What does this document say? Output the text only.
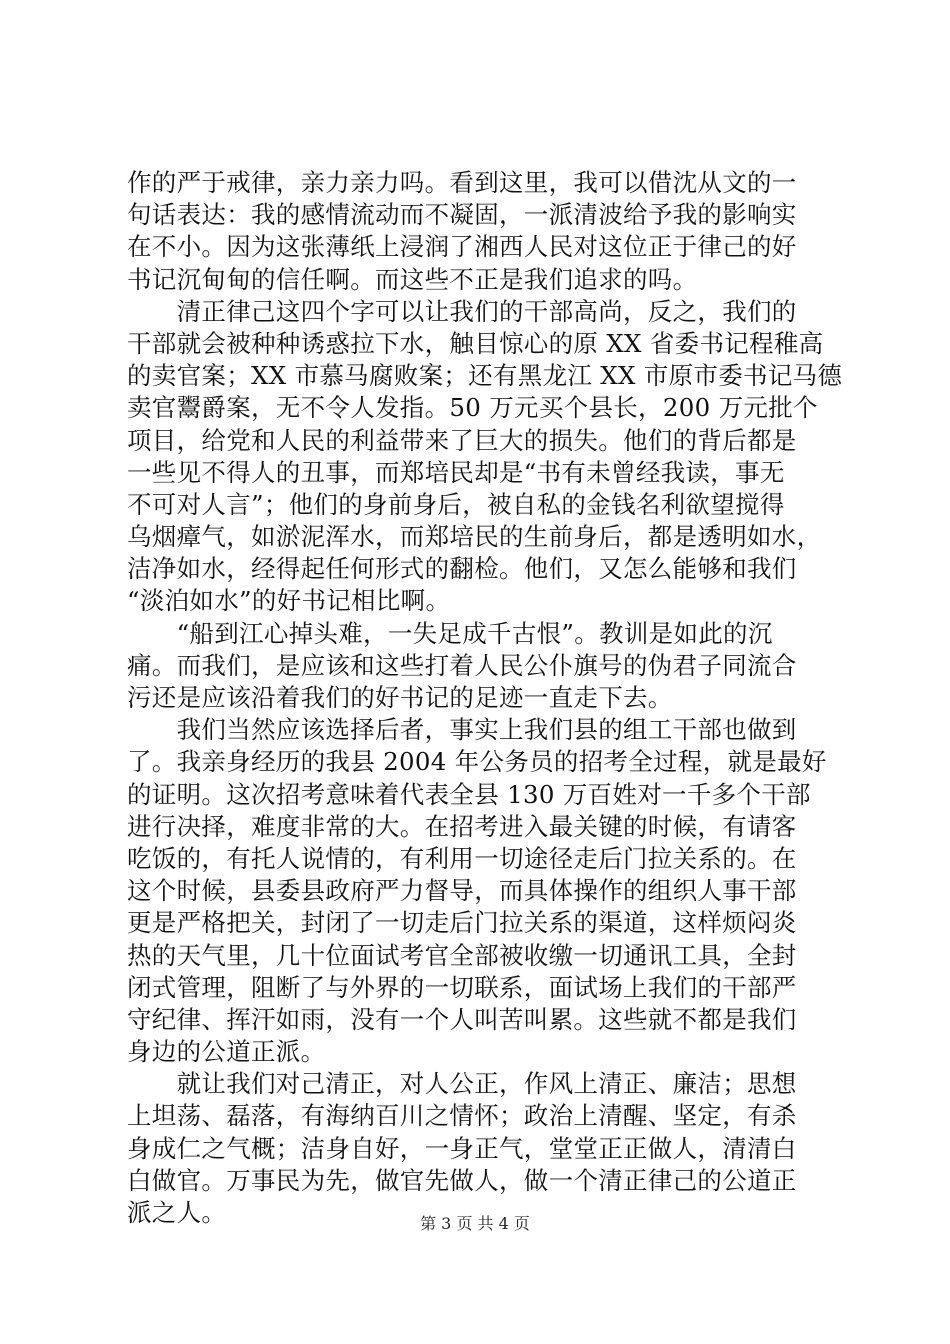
作的严于戒律，亲力亲力吗。看到这里，我可以借沈从文的一
句话表达：我的感情流动而不凝固，一派清波给予我的影响实
在不小。因为这张薄纸上浸润了湘西人民对这位正于律己的好
书记沉甸甸的信任啊。而这些不正是我们追求的吗。
　　清正律己这四个字可以让我们的干部高尚，反之，我们的
干部就会被种种诱惑拉下水，触目惊心的原 XX 省委书记程稚高
的卖官案；XX 市慕马腐败案；还有黑龙江 XX 市原市委书记马德
卖官鬻爵案，无不令人发指。50 万元买个县长，200 万元批个
项目，给党和人民的利益带来了巨大的损失。他们的背后都是
一些见不得人的丑事，而郑培民却是“书有未曾经我读，事无
不可对人言”；他们的身前身后，被自私的金钱名利欲望搅得
乌烟瘴气，如淤泥浑水，而郑培民的生前身后，都是透明如水，
洁净如水，经得起任何形式的翻检。他们，又怎么能够和我们
“淡泊如水”的好书记相比啊。
　　“船到江心掉头难，一失足成千古恨”。教训是如此的沉
痛。而我们，是应该和这些打着人民公仆旗号的伪君子同流合
污还是应该沿着我们的好书记的足迹一直走下去。
　　我们当然应该选择后者，事实上我们县的组工干部也做到
了。我亲身经历的我县 2004 年公务员的招考全过程，就是最好
的证明。这次招考意味着代表全县 130 万百姓对一千多个干部
进行决择，难度非常的大。在招考进入最关键的时候，有请客
吃饭的，有托人说情的，有利用一切途径走后门拉关系的。在
这个时候，县委县政府严力督导，而具体操作的组织人事干部
更是严格把关，封闭了一切走后门拉关系的渠道，这样烦闷炎
热的天气里，几十位面试考官全部被收缴一切通讯工具，全封
闭式管理，阻断了与外界的一切联系，面试场上我们的干部严
守纪律、挥汗如雨，没有一个人叫苦叫累。这些就不都是我们
身边的公道正派。
　　就让我们对己清正，对人公正，作风上清正、廉洁；思想
上坦荡、磊落，有海纳百川之情怀；政治上清醒、坚定，有杀
身成仁之气概；洁身自好，一身正气，堂堂正正做人，清清白
白做官。万事民为先，做官先做人，做一个清正律己的公道正
派之人。	第 3 页 共 4 页
